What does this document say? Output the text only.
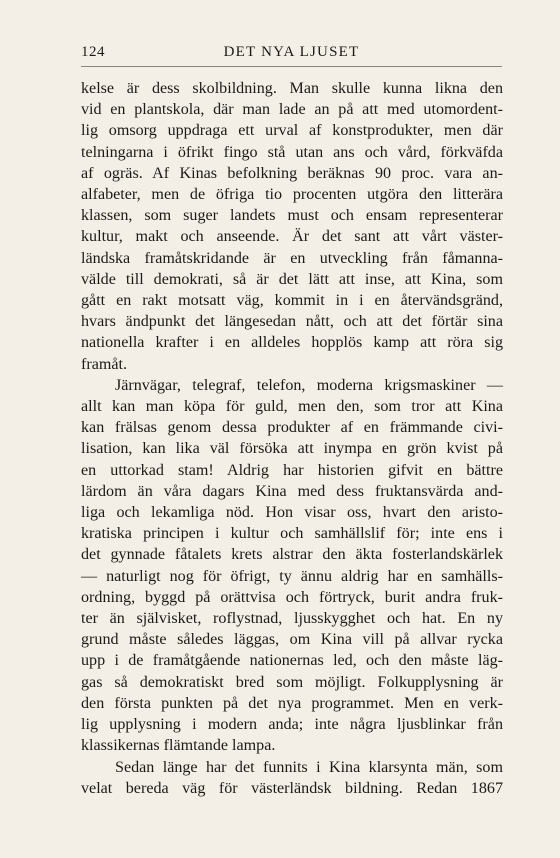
124	DET NYA LJUSET
kelse är dess skolbildning. Man skulle kunna likna den
vid en plantskola, där man lade an på att med utomordent-
lig omsorg uppdraga ett urval af konstprodukter, men där
telningarna i öfrikt fingo stå utan ans och vård, förkväfda
af ogräs. Af Kinas befolkning beräknas 90 proc. vara an-
alfabeter, men de öfriga tio procenten utgöra den litterära
klassen, som suger landets must och ensam representerar
kultur, makt och anseende. Är det sant att vårt väster-
ländska framåtskridande är en utveckling från fåmanna-
välde till demokrati, så är det lätt att inse, att Kina, som
gått en rakt motsatt väg, kommit in i en återvändsgränd,
hvars ändpunkt det längesedan nått, och att det förtär sina
nationella krafter i en alldeles hopplös kamp att röra sig
framåt.
Järnvägar, telegraf, telefon, moderna krigsmaskiner —
allt kan man köpa för guld, men den, som tror att Kina
kan frälsas genom dessa produkter af en främmande civi-
lisation, kan lika väl försöka att inympa en grön kvist på
en uttorkad stam! Aldrig har historien gifvit en bättre
lärdom än våra dagars Kina med dess fruktansvärda and-
liga och lekamliga nöd. Hon visar oss, hvart den aristo-
kratiska principen i kultur och samhällslif för; inte ens i
det gynnade fåtalets krets alstrar den äkta fosterlandskärlek
— naturligt nog för öfrigt, ty ännu aldrig har en samhälls-
ordning, byggd på orättvisa och förtryck, burit andra fruk-
ter än självisket, roflystnad, ljusskygghet och hat. En ny
grund måste således läggas, om Kina vill på allvar rycka
upp i de framåtgående nationernas led, och den måste läg-
gas så demokratiskt bred som möjligt. Folkupplysning är
den första punkten på det nya programmet. Men en verk-
lig upplysning i modern anda; inte några ljusblinkar från
klassikernas flämtande lampa.
Sedan länge har det funnits i Kina klarsynta män, som
velat bereda väg för västerländsk bildning. Redan 1867
